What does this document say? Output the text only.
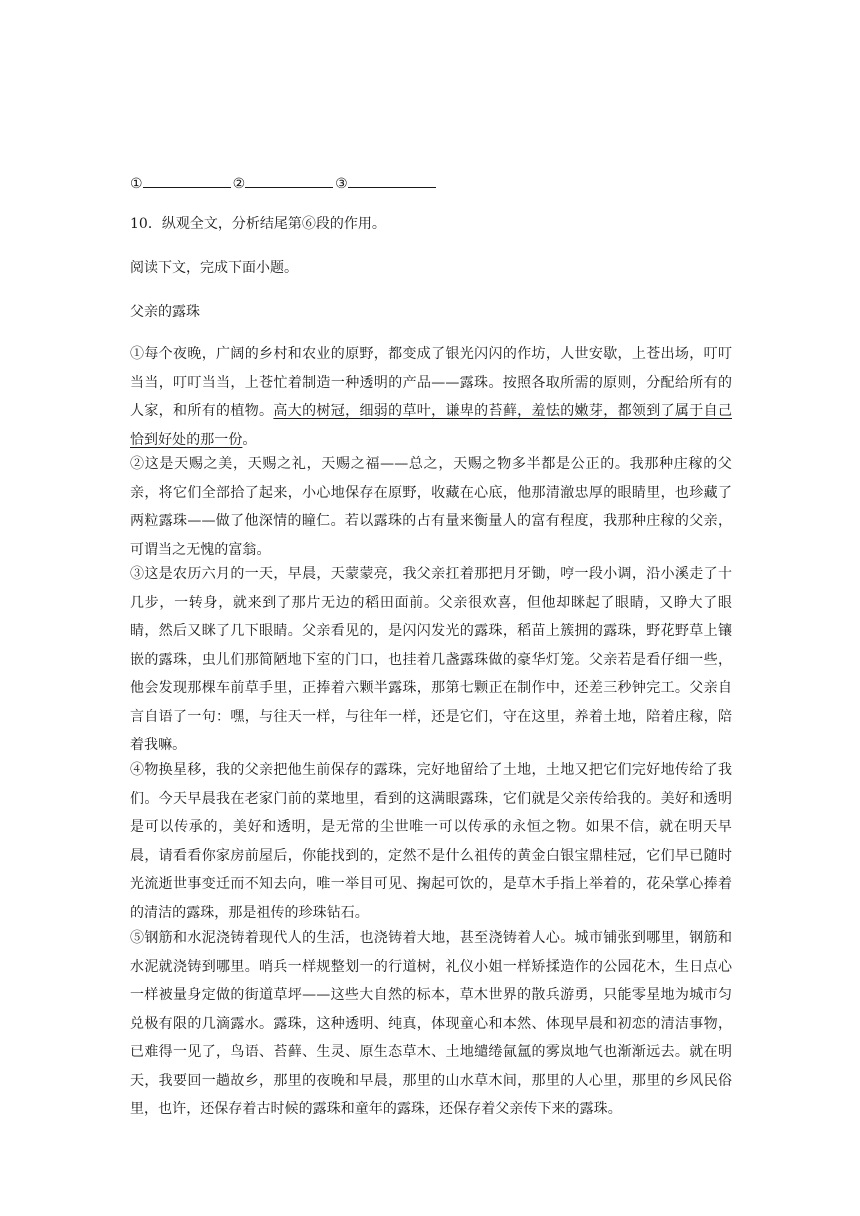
①	②	③
10．纵观全文，分析结尾第⑥段的作用。
阅读下文，完成下面小题。
父亲的露珠
①每个夜晚，广阔的乡村和农业的原野，都变成了银光闪闪的作坊，人世安歇，上苍出场，叮叮当当，叮叮当当，上苍忙着制造一种透明的产品——露珠。按照各取所需的原则，分配给所有的人家，和所有的植物。高大的树冠，细弱的草叶，谦卑的苔藓，羞怯的嫩芽，都领到了属于自己恰到好处的那一份。
②这是天赐之美，天赐之礼，天赐之福——总之，天赐之物多半都是公正的。我那种庄稼的父亲，将它们全部拾了起来，小心地保存在原野，收藏在心底，他那清澈忠厚的眼睛里，也珍藏了两粒露珠——做了他深情的瞳仁。若以露珠的占有量来衡量人的富有程度，我那种庄稼的父亲，可谓当之无愧的富翁。
③这是农历六月的一天，早晨，天蒙蒙亮，我父亲扛着那把月牙锄，哼一段小调，沿小溪走了十几步，一转身，就来到了那片无边的稻田面前。父亲很欢喜，但他却眯起了眼睛，又睁大了眼睛，然后又眯了几下眼睛。父亲看见的，是闪闪发光的露珠，稻苗上簇拥的露珠，野花野草上镶嵌的露珠，虫儿们那简陋地下室的门口，也挂着几盏露珠做的豪华灯笼。父亲若是看仔细一些，他会发现那棵车前草手里，正捧着六颗半露珠，那第七颗正在制作中，还差三秒钟完工。父亲自言自语了一句：嘿，与往天一样，与往年一样，还是它们，守在这里，养着土地，陪着庄稼，陪着我嘛。
④物换星移，我的父亲把他生前保存的露珠，完好地留给了土地，土地又把它们完好地传给了我们。今天早晨我在老家门前的菜地里，看到的这满眼露珠，它们就是父亲传给我的。美好和透明是可以传承的，美好和透明，是无常的尘世唯一可以传承的永恒之物。如果不信，就在明天早晨，请看看你家房前屋后，你能找到的，定然不是什么祖传的黄金白银宝鼎桂冠，它们早已随时光流逝世事变迁而不知去向，唯一举目可见、掬起可饮的，是草木手指上举着的，花朵掌心捧着的清洁的露珠，那是祖传的珍珠钻石。
⑤钢筋和水泥浇铸着现代人的生活，也浇铸着大地，甚至浇铸着人心。城市铺张到哪里，钢筋和水泥就浇铸到哪里。哨兵一样规整划一的行道树，礼仪小姐一样矫揉造作的公园花木，生日点心一样被量身定做的街道草坪——这些大自然的标本，草木世界的散兵游勇，只能零星地为城市匀兑极有限的几滴露水。露珠，这种透明、纯真，体现童心和本然、体现早晨和初恋的清洁事物，已难得一见了，鸟语、苔藓、生灵、原生态草木、土地缱绻氤氲的雾岚地气也渐渐远去。就在明天，我要回一趟故乡，那里的夜晚和早晨，那里的山水草木间，那里的人心里，那里的乡风民俗里，也许，还保存着古时候的露珠和童年的露珠，还保存着父亲传下来的露珠。
